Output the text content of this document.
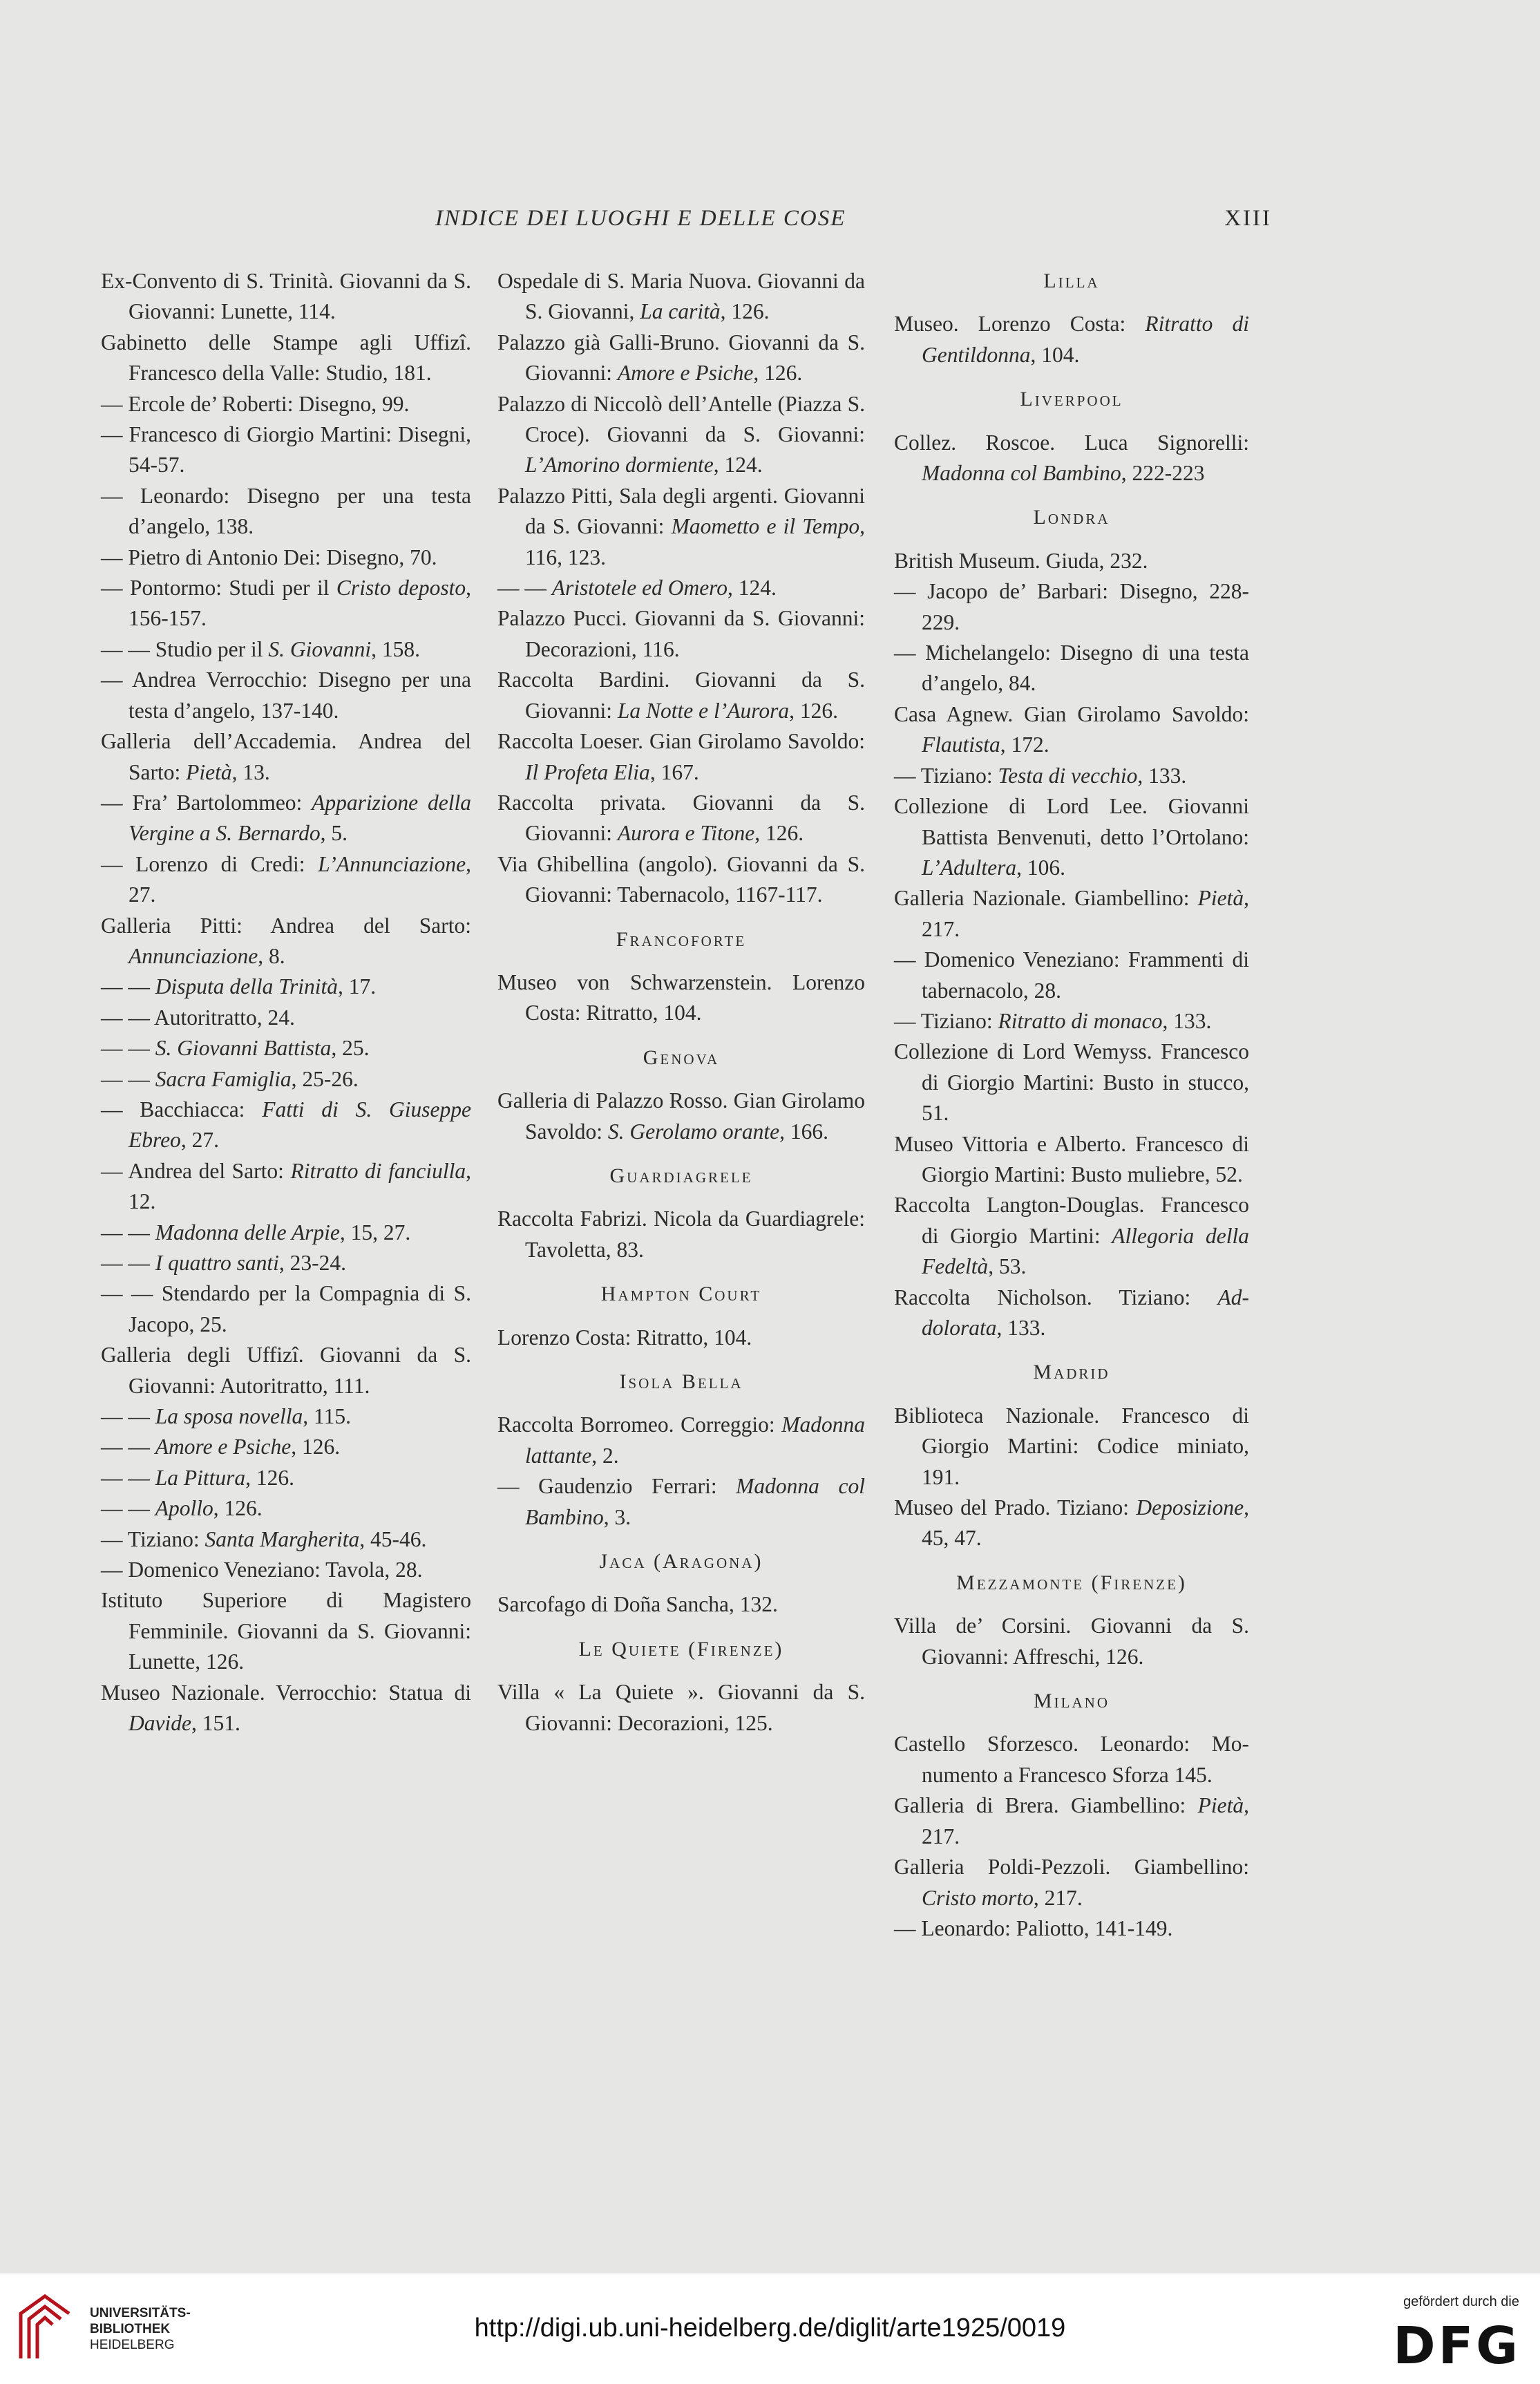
INDICE DEI LUOGHI E DELLE COSE	XIII
Ex-Convento di S. Trinità. Giovanni da S. Giovanni: Lunette, 114.
Gabinetto delle Stampe agli Uffizî. Francesco della Valle: Studio, 181.
— Ercole de’ Roberti: Disegno, 99.
— Francesco di Giorgio Martini: Disegni, 54-57.
— Leonardo: Disegno per una testa d’angelo, 138.
— Pietro di Antonio Dei: Disegno, 70.
— Pontormo: Studi per il Cristo deposto, 156-157.
— — Studio per il S. Giovanni, 158.
— Andrea Verrocchio: Disegno per una testa d’angelo, 137-140.
Galleria dell’Accademia. Andrea del Sarto: Pietà, 13.
— Fra’ Bartolommeo: Apparizione della Vergine a S. Bernardo, 5.
— Lorenzo di Credi: L’Annunciazione, 27.
Galleria Pitti: Andrea del Sarto: Annunciazione, 8.
— — Disputa della Trinità, 17.
— — Autoritratto, 24.
— — S. Giovanni Battista, 25.
— — Sacra Famiglia, 25-26.
— Bacchiacca: Fatti di S. Giuseppe Ebreo, 27.
— Andrea del Sarto: Ritratto di fanciulla, 12.
— — Madonna delle Arpie, 15, 27.
— — I quattro santi, 23-24.
— — Stendardo per la Compagnia di S. Jacopo, 25.
Galleria degli Uffizî. Giovanni da S. Giovanni: Autoritratto, 111.
— — La sposa novella, 115.
— — Amore e Psiche, 126.
— — La Pittura, 126.
— — Apollo, 126.
— Tiziano: Santa Margherita, 45-46.
— Domenico Veneziano: Tavola, 28.
Istituto Superiore di Magistero Femminile. Giovanni da S. Giovanni: Lunette, 126.
Museo Nazionale. Verrocchio: Statua di Davide, 151.
Ospedale di S. Maria Nuova. Giovanni da S. Giovanni, La carità, 126.
Palazzo già Galli-Bruno. Giovanni da S. Giovanni: Amore e Psiche, 126.
Palazzo di Niccolò dell’Antelle (Piazza S. Croce). Giovanni da S. Giovanni: L’Amorino dormiente, 124.
Palazzo Pitti, Sala degli argenti. Giovanni da S. Giovanni: Maometto e il Tempo, 116, 123.
— — Aristotele ed Omero, 124.
Palazzo Pucci. Giovanni da S. Giovanni: Decorazioni, 116.
Raccolta Bardini. Giovanni da S. Giovanni: La Notte e l’Aurora, 126.
Raccolta Loeser. Gian Girolamo Savoldo: Il Profeta Elia, 167.
Raccolta privata. Giovanni da S. Giovanni: Aurora e Titone, 126.
Via Ghibellina (angolo). Giovanni da S. Giovanni: Tabernacolo, 1167-117.
Francoforte
Museo von Schwarzenstein. Lorenzo Costa: Ritratto, 104.
Genova
Galleria di Palazzo Rosso. Gian Girolamo Savoldo: S. Gerolamo orante, 166.
Guardiagrele
Raccolta Fabrizi. Nicola da Guardiagrele: Tavoletta, 83.
Hampton Court
Lorenzo Costa: Ritratto, 104.
Isola Bella
Raccolta Borromeo. Correggio: Madonna lattante, 2.
— Gaudenzio Ferrari: Madonna col Bambino, 3.
Jaca (Aragona)
Sarcofago di Doña Sancha, 132.
Le Quiete (Firenze)
Villa « La Quiete ». Giovanni da S. Giovanni: Decorazioni, 125.
Lilla
Museo. Lorenzo Costa: Ritratto di Gentildonna, 104.
Liverpool
Collez. Roscoe. Luca Signorelli: Madonna col Bambino, 222-223
Londra
British Museum. Giuda, 232.
— Jacopo de’ Barbari: Disegno, 228-229.
— Michelangelo: Disegno di una testa d’angelo, 84.
Casa Agnew. Gian Girolamo Savoldo: Flautista, 172.
— Tiziano: Testa di vecchio, 133.
Collezione di Lord Lee. Giovanni Battista Benvenuti, detto l’Ortolano: L’Adultera, 106.
Galleria Nazionale. Giambellino: Pietà, 217.
— Domenico Veneziano: Frammenti di tabernacolo, 28.
— Tiziano: Ritratto di monaco, 133.
Collezione di Lord Wemyss. Francesco di Giorgio Martini: Busto in stucco, 51.
Museo Vittoria e Alberto. Francesco di Giorgio Martini: Busto muliebre, 52.
Raccolta Langton-Douglas. Francesco di Giorgio Martini: Allegoria della Fedeltà, 53.
Raccolta Nicholson. Tiziano: Addolorata, 133.
Madrid
Biblioteca Nazionale. Francesco di Giorgio Martini: Codice miniato, 191.
Museo del Prado. Tiziano: Deposizione, 45, 47.
Mezzamonte (Firenze)
Villa de’ Corsini. Giovanni da S. Giovanni: Affreschi, 126.
Milano
Castello Sforzesco. Leonardo: Monumento a Francesco Sforza 145.
Galleria di Brera. Giambellino: Pietà, 217.
Galleria Poldi-Pezzoli. Giambellino: Cristo morto, 217.
— Leonardo: Paliotto, 141-149.
UNIVERSITÄTS-
BIBLIOTHEK
HEIDELBERG
http://digi.ub.uni-heidelberg.de/diglit/arte1925/0019
gefördert durch die
DFG
